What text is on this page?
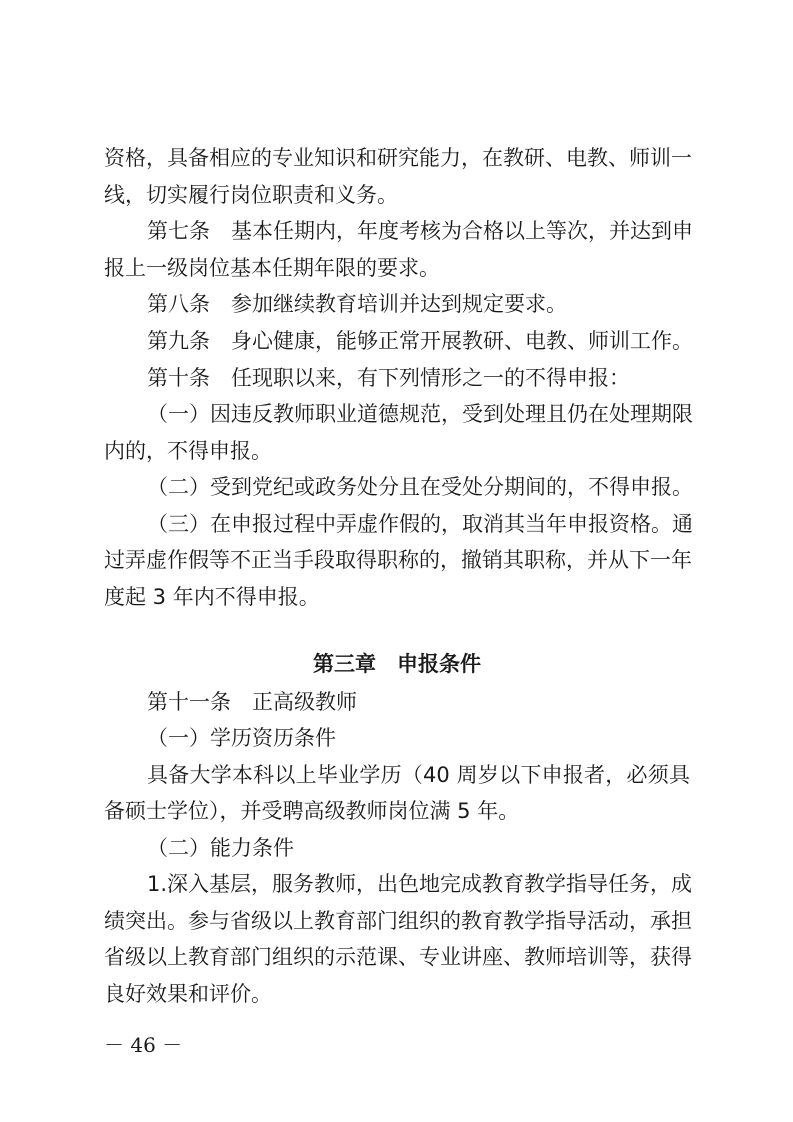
资格，具备相应的专业知识和研究能力，在教研、电教、师训一
线，切实履行岗位职责和义务。
第七条　基本任期内，年度考核为合格以上等次，并达到申
报上一级岗位基本任期年限的要求。
第八条　参加继续教育培训并达到规定要求。
第九条　身心健康，能够正常开展教研、电教、师训工作。
第十条　任现职以来，有下列情形之一的不得申报：
（一）因违反教师职业道德规范，受到处理且仍在处理期限
内的，不得申报。
（二）受到党纪或政务处分且在受处分期间的，不得申报。
（三）在申报过程中弄虚作假的，取消其当年申报资格。通
过弄虚作假等不正当手段取得职称的，撤销其职称，并从下一年
度起 3 年内不得申报。
第三章　申报条件
第十一条　正高级教师
（一）学历资历条件
具备大学本科以上毕业学历（40 周岁以下申报者，必须具
备硕士学位），并受聘高级教师岗位满 5 年。
（二）能力条件
1.深入基层，服务教师，出色地完成教育教学指导任务，成
绩突出。参与省级以上教育部门组织的教育教学指导活动，承担
省级以上教育部门组织的示范课、专业讲座、教师培训等，获得
良好效果和评价。
－ 46 －
